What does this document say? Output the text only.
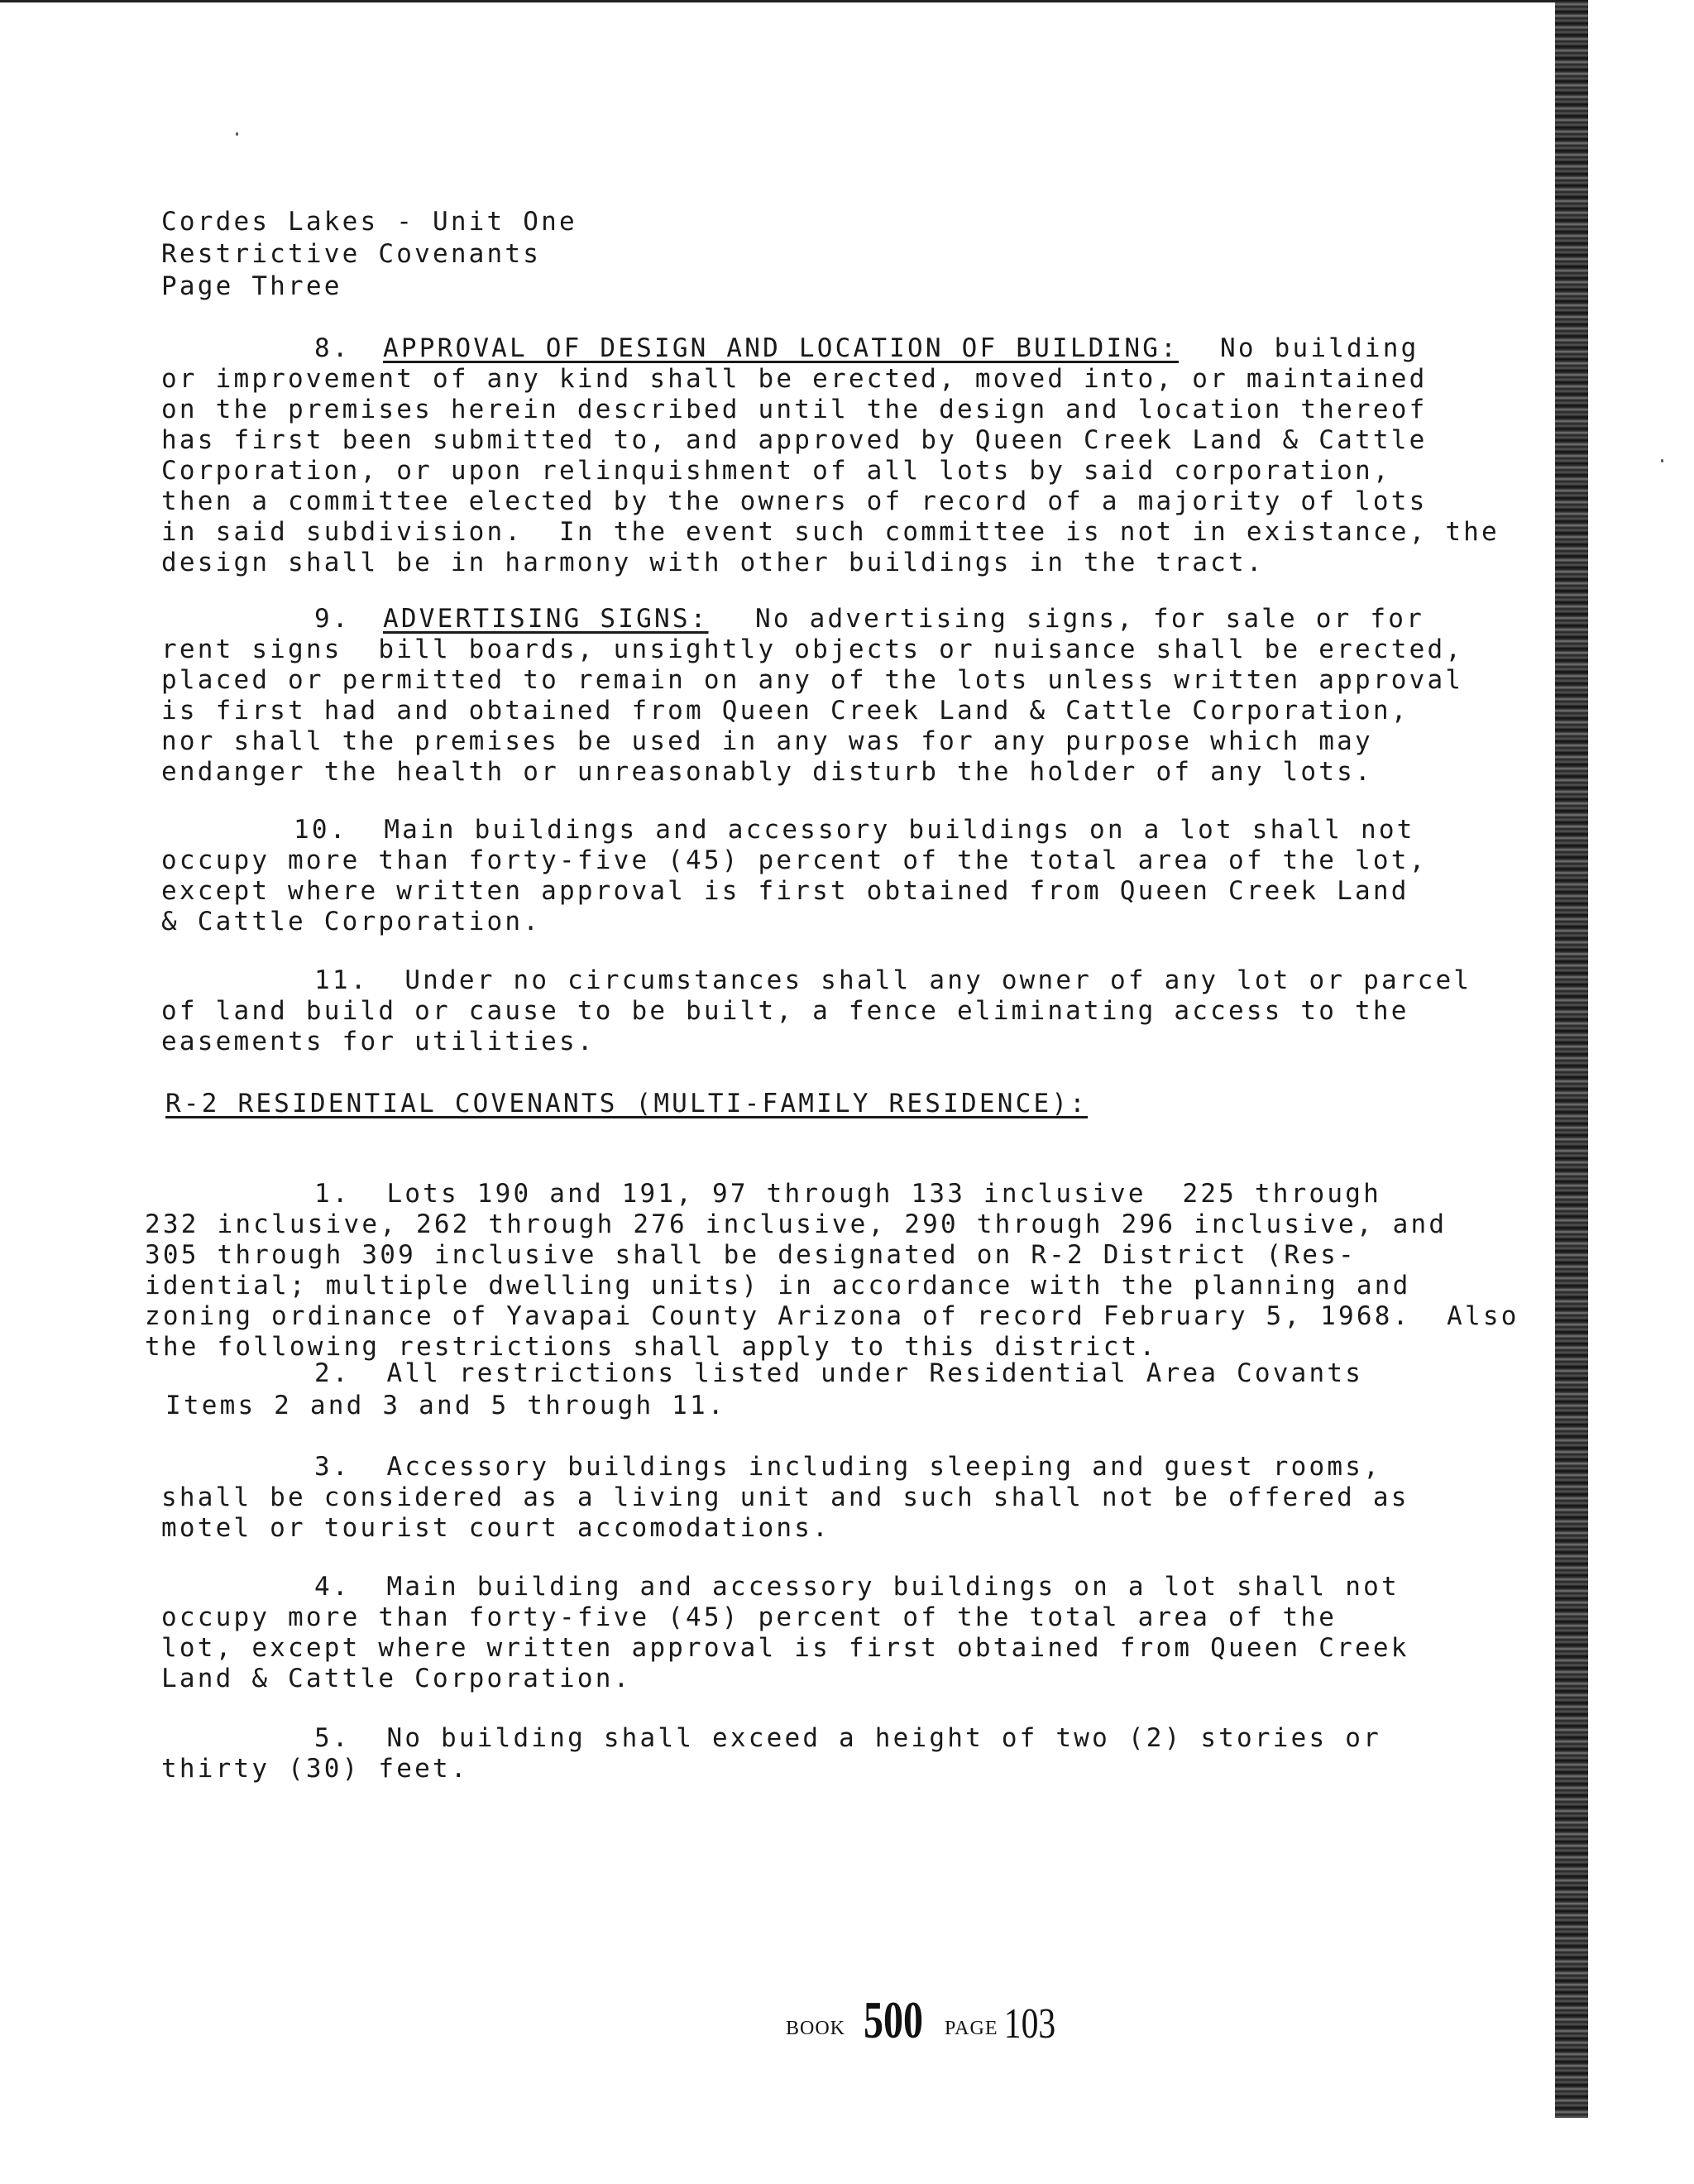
Cordes Lakes - Unit One
Restrictive Covenants
Page Three
8. APPROVAL OF DESIGN AND LOCATION OF BUILDING: No building
or improvement of any kind shall be erected, moved into, or maintained
on the premises herein described until the design and location thereof
has first been submitted to, and approved by Queen Creek Land & Cattle
Corporation, or upon relinquishment of all lots by said corporation,
then a committee elected by the owners of record of a majority of lots
in said subdivision.  In the event such committee is not in existance, the
design shall be in harmony with other buildings in the tract.
9. ADVERTISING SIGNS: No advertising signs, for sale or for
rent signs  bill boards, unsightly objects or nuisance shall be erected,
placed or permitted to remain on any of the lots unless written approval
is first had and obtained from Queen Creek Land & Cattle Corporation,
nor shall the premises be used in any was for any purpose which may
endanger the health or unreasonably disturb the holder of any lots.
10.  Main buildings and accessory buildings on a lot shall not
occupy more than forty-five (45) percent of the total area of the lot,
except where written approval is first obtained from Queen Creek Land
& Cattle Corporation.
11.  Under no circumstances shall any owner of any lot or parcel
of land build or cause to be built, a fence eliminating access to the
easements for utilities.
R-2 RESIDENTIAL COVENANTS (MULTI-FAMILY RESIDENCE):
1.  Lots 190 and 191, 97 through 133 inclusive  225 through
232 inclusive, 262 through 276 inclusive, 290 through 296 inclusive, and
305 through 309 inclusive shall be designated on R-2 District (Res-
idential; multiple dwelling units) in accordance with the planning and
zoning ordinance of Yavapai County Arizona of record February 5, 1968.  Also
the following restrictions shall apply to this district.
2.  All restrictions listed under Residential Area Covants
Items 2 and 3 and 5 through 11.
3.  Accessory buildings including sleeping and guest rooms,
shall be considered as a living unit and such shall not be offered as
motel or tourist court accomodations.
4.  Main building and accessory buildings on a lot shall not
occupy more than forty-five (45) percent of the total area of the
lot, except where written approval is first obtained from Queen Creek
Land & Cattle Corporation.
5.  No building shall exceed a height of two (2) stories or
thirty (30) feet.
BOOK 500 PAGE 103
